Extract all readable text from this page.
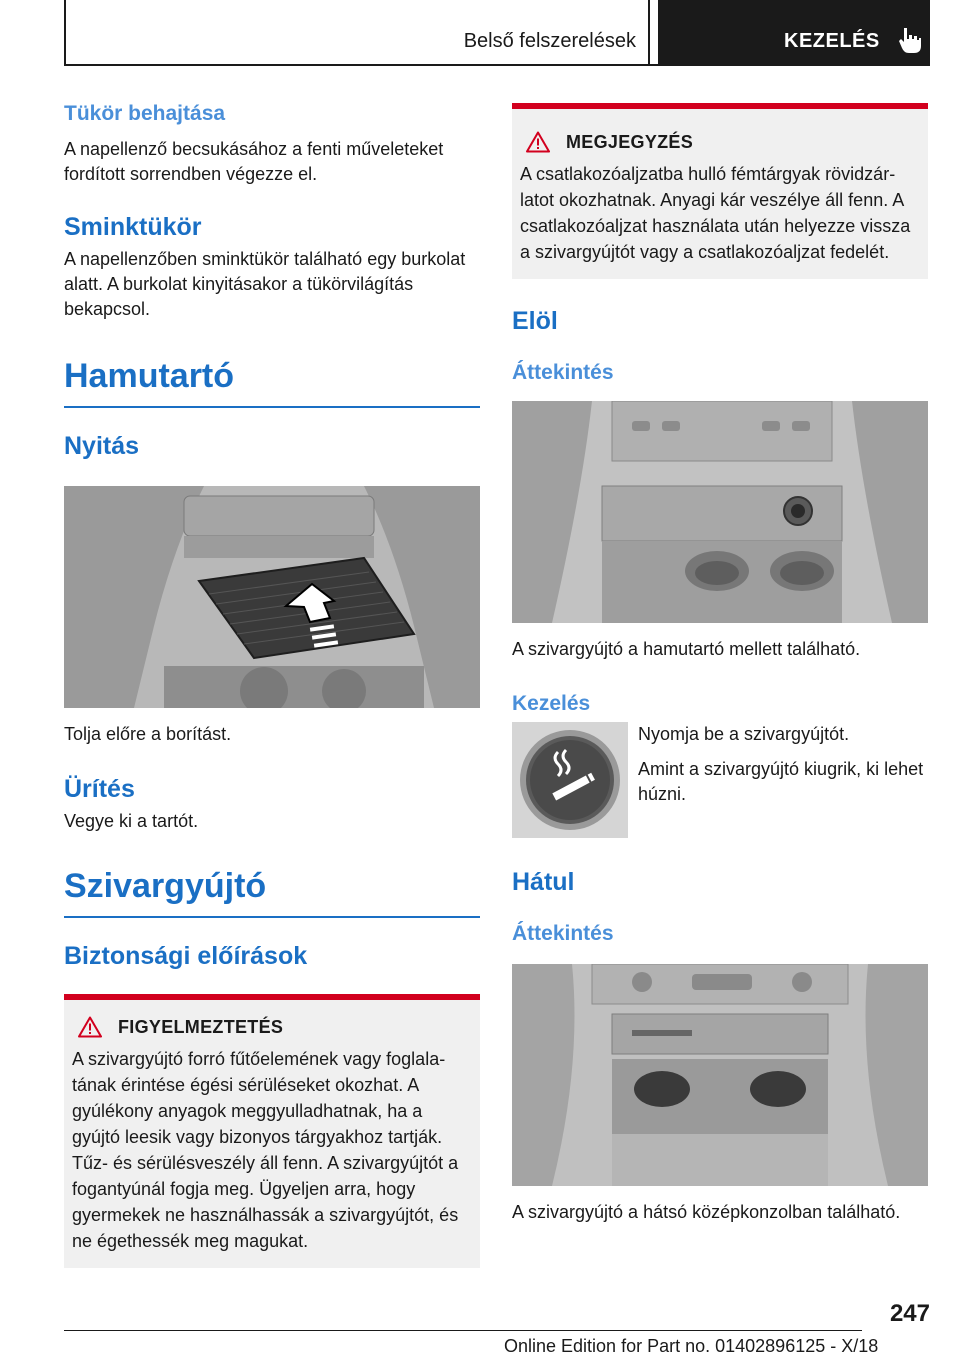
Belső felszerelések	KEZELÉS
Tükör behajtása
A napellenző becsukásához a fenti műveleteket fordított sorrendben végezze el.
Sminktükör
A napellenzőben sminktükör található egy burkolat alatt. A burkolat kinyitásakor a tükörvilágítás bekapcsol.
Hamutartó
Nyitás
Tolja előre a borítást.
Ürítés
Vegye ki a tartót.
Szivargyújtó
Biztonsági előírások
FIGYELMEZTETÉS
A szivargyújtó forró fűtőelemének vagy foglalatának érintése égési sérüléseket okozhat. A gyúlékony anyagok meggyulladhatnak, ha a gyújtó leesik vagy bizonyos tárgyakhoz tartják. Tűz- és sérülésveszély áll fenn. A szivargyújtót a fogantyúnál fogja meg. Ügyeljen arra, hogy gyermekek ne használhassák a szivargyújtót, és ne égethessék meg magukat.
MEGJEGYZÉS
A csatlakozóaljzatba hulló fémtárgyak rövidzárlatot okozhatnak. Anyagi kár veszélye áll fenn. A csatlakozóaljzat használata után helyezze vissza a szivargyújtót vagy a csatlakozóaljzat fedelét.
Elöl
Áttekintés
A szivargyújtó a hamutartó mellett található.
Kezelés
Nyomja be a szivargyújtót.
Amint a szivargyújtó kiugrik, ki lehet húzni.
Hátul
Áttekintés
A szivargyújtó a hátsó középkonzolban található.
247
Online Edition for Part no. 01402896125 - X/18
